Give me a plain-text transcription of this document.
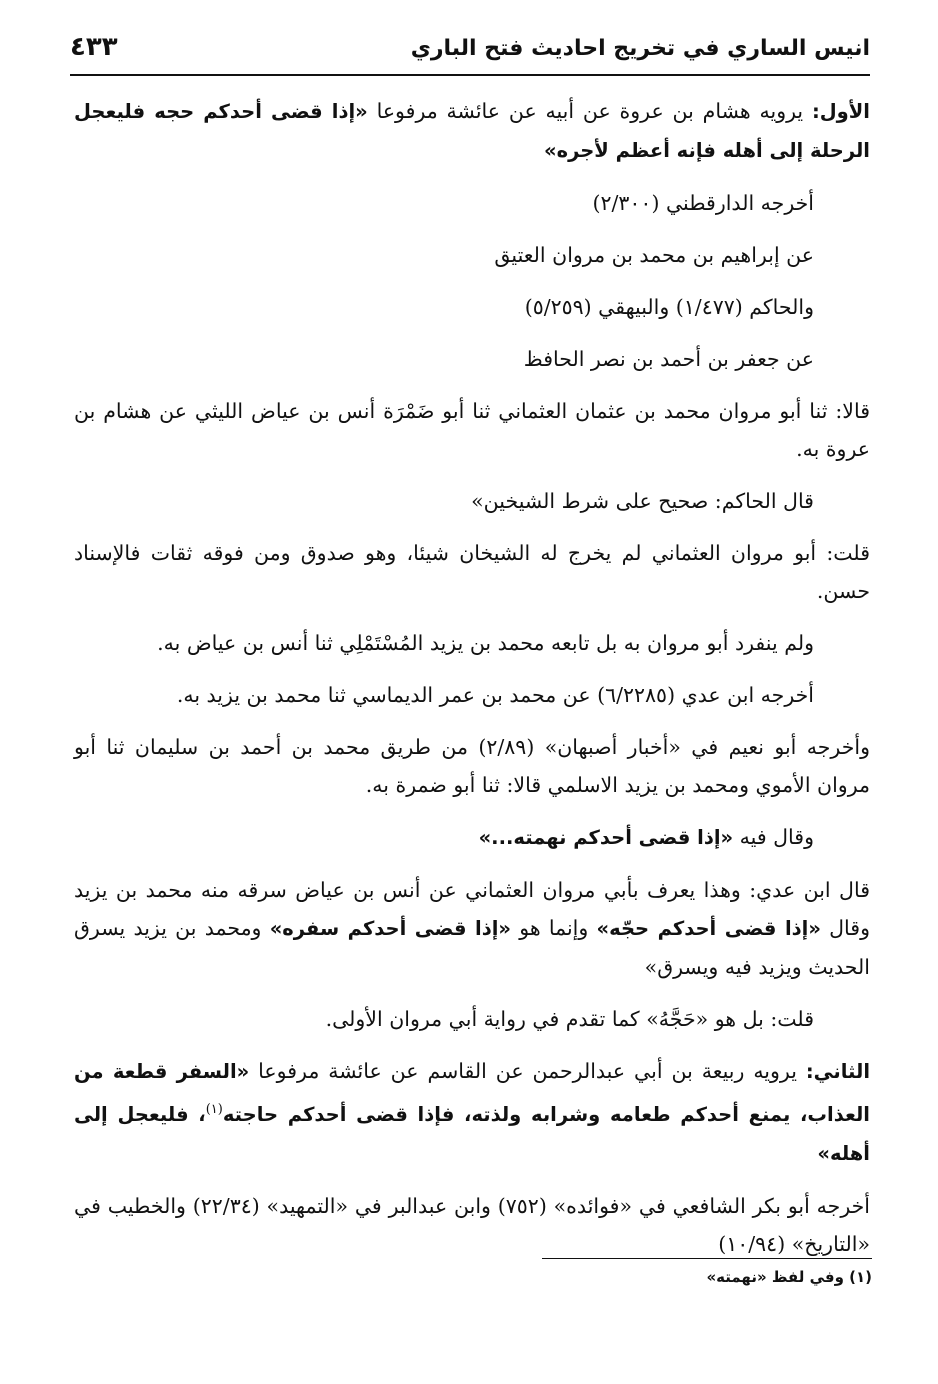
انيس الساري في تخريج احاديث فتح الباري
٤٣٣

الأول: يرويه هشام بن عروة عن أبيه عن عائشة مرفوعا «إذا قضى أحدكم حجه فليعجل الرحلة إلى أهله فإنه أعظم لأجره»

أخرجه الدارقطني (٢/٣٠٠)

عن إبراهيم بن محمد بن مروان العتيق

والحاكم (١/٤٧٧) والبيهقي (٥/٢٥٩)

عن جعفر بن أحمد بن نصر الحافظ

قالا: ثنا أبو مروان محمد بن عثمان العثماني ثنا أبو ضَمْرَة أنس بن عياض الليثي عن هشام بن عروة به.

قال الحاكم: صحيح على شرط الشيخين»

قلت: أبو مروان العثماني لم يخرج له الشيخان شيئا، وهو صدوق ومن فوقه ثقات فالإسناد حسن.

ولم ينفرد أبو مروان به بل تابعه محمد بن يزيد المُسْتَمْلِي ثنا أنس بن عياض به.

أخرجه ابن عدي (٦/٢٢٨٥) عن محمد بن عمر الديماسي ثنا محمد بن يزيد به.

وأخرجه أبو نعيم في «أخبار أصبهان» (٢/٨٩) من طريق محمد بن أحمد بن سليمان ثنا أبو مروان الأموي ومحمد بن يزيد الاسلمي قالا: ثنا أبو ضمرة به.

وقال فيه «إذا قضى أحدكم نهمته...»

قال ابن عدي: وهذا يعرف بأبي مروان العثماني عن أنس بن عياض سرقه منه محمد بن يزيد وقال «إذا قضى أحدكم حجّه» وإنما هو «إذا قضى أحدكم سفره» ومحمد بن يزيد يسرق الحديث ويزيد فيه ويسرق»

قلت: بل هو «حَجَّهُ» كما تقدم في رواية أبي مروان الأولى.

الثاني: يرويه ربيعة بن أبي عبدالرحمن عن القاسم عن عائشة مرفوعا «السفر قطعة من العذاب، يمنع أحدكم طعامه وشرابه ولذته، فإذا قضى أحدكم حاجته$^{(١)}$، فليعجل إلى أهله»

أخرجه أبو بكر الشافعي في «فوائده» (٧٥٢) وابن عبدالبر في «التمهيد» (٢٢/٣٤) والخطيب في «التاريخ» (١٠/٩٤)

(١) وفي لفظ «نهمته»
